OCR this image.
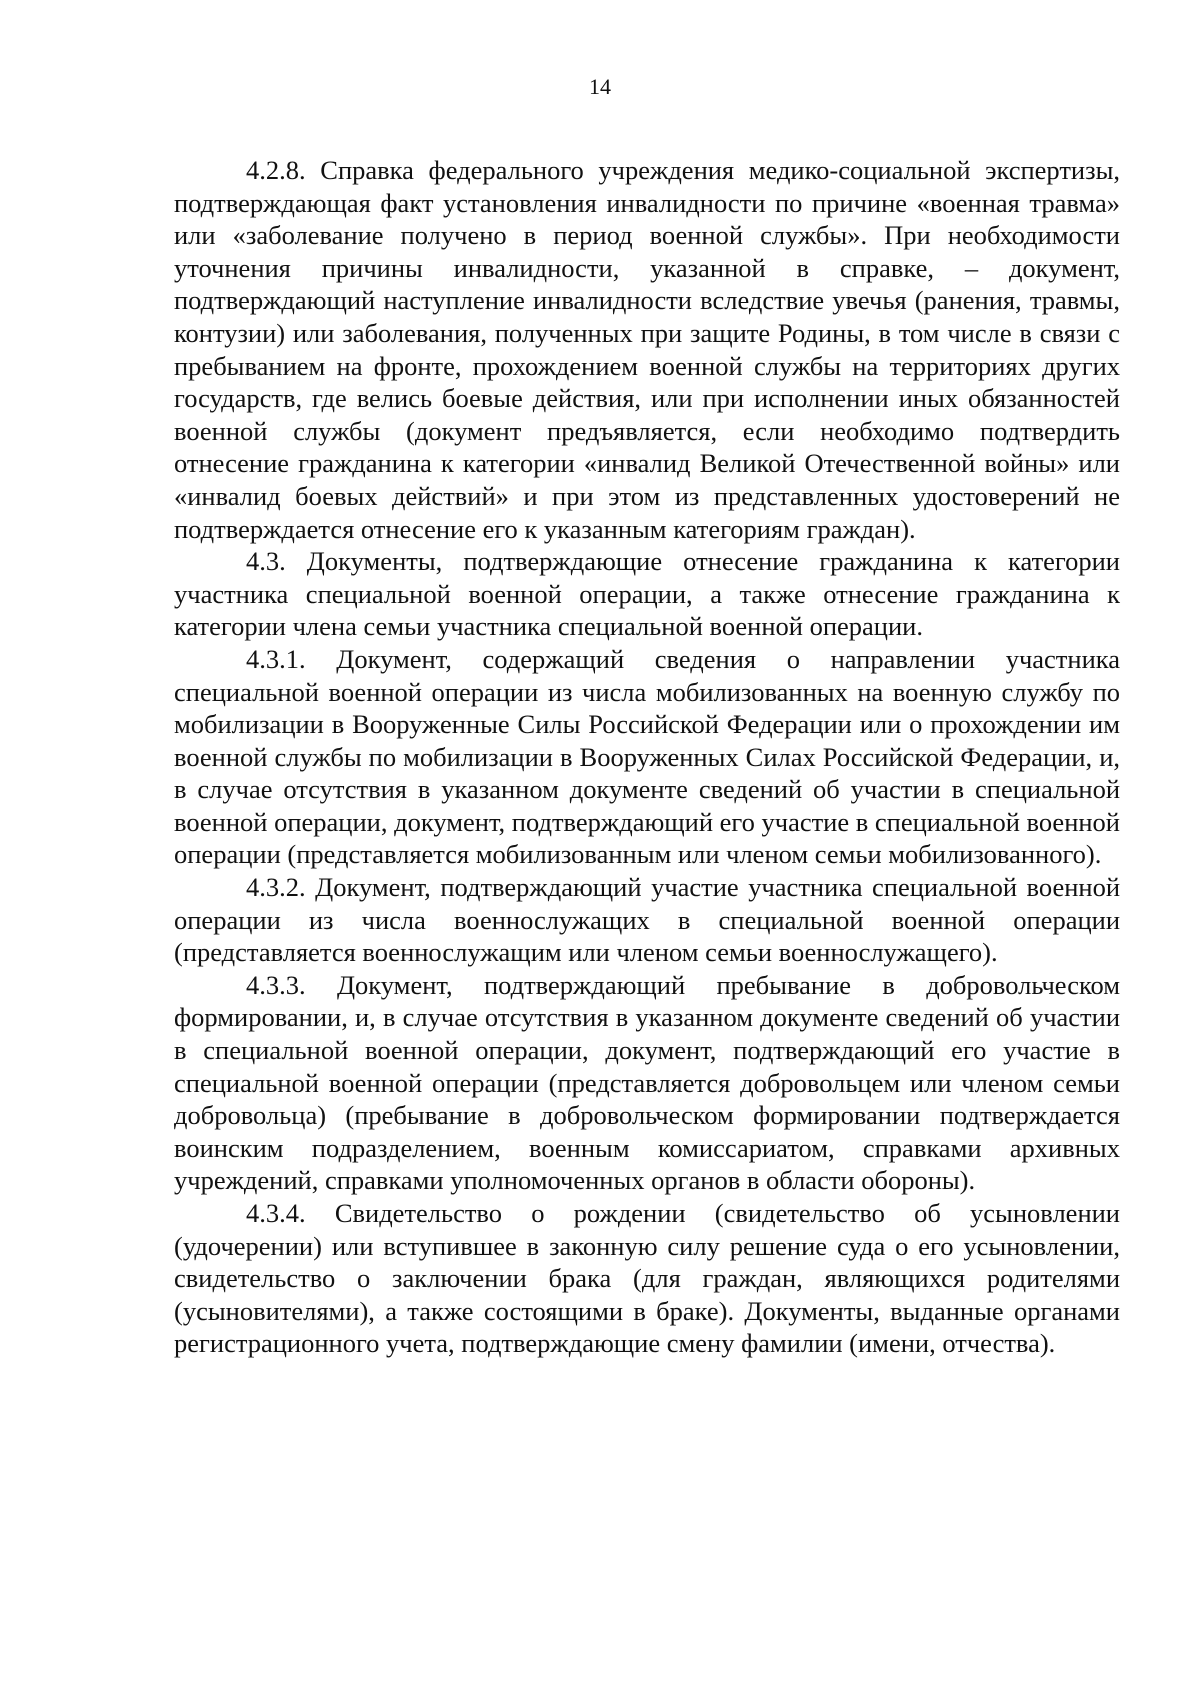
14

4.2.8. Справка федерального учреждения медико-социальной экспертизы, подтверждающая факт установления инвалидности по причине «военная травма» или «заболевание получено в период военной службы». При необходимости уточнения причины инвалидности, указанной в справке, – документ, подтверждающий наступление инвалидности вследствие увечья (ранения, травмы, контузии) или заболевания, полученных при защите Родины, в том числе в связи с пребыванием на фронте, прохождением военной службы на территориях других государств, где велись боевые действия, или при исполнении иных обязанностей военной службы (документ предъявляется, если необходимо подтвердить отнесение гражданина к категории «инвалид Великой Отечественной войны» или «инвалид боевых действий» и при этом из представленных удостоверений не подтверждается отнесение его к указанным категориям граждан).

4.3. Документы, подтверждающие отнесение гражданина к категории участника специальной военной операции, а также отнесение гражданина к категории члена семьи участника специальной военной операции.

4.3.1. Документ, содержащий сведения о направлении участника специальной военной операции из числа мобилизованных на военную службу по мобилизации в Вооруженные Силы Российской Федерации или о прохождении им военной службы по мобилизации в Вооруженных Силах Российской Федерации, и, в случае отсутствия в указанном документе сведений об участии в специальной военной операции, документ, подтверждающий его участие в специальной военной операции (представляется мобилизованным или членом семьи мобилизованного).

4.3.2. Документ, подтверждающий участие участника специальной военной операции из числа военнослужащих в специальной военной операции (представляется военнослужащим или членом семьи военнослужащего).

4.3.3. Документ, подтверждающий пребывание в добровольческом формировании, и, в случае отсутствия в указанном документе сведений об участии в специальной военной операции, документ, подтверждающий его участие в специальной военной операции (представляется добровольцем или членом семьи добровольца) (пребывание в добровольческом формировании подтверждается воинским подразделением, военным комиссариатом, справками архивных учреждений, справками уполномоченных органов в области обороны).

4.3.4. Свидетельство о рождении (свидетельство об усыновлении (удочерении) или вступившее в законную силу решение суда о его усыновлении, свидетельство о заключении брака (для граждан, являющихся родителями (усыновителями), а также состоящими в браке). Документы, выданные органами регистрационного учета, подтверждающие смену фамилии (имени, отчества).
